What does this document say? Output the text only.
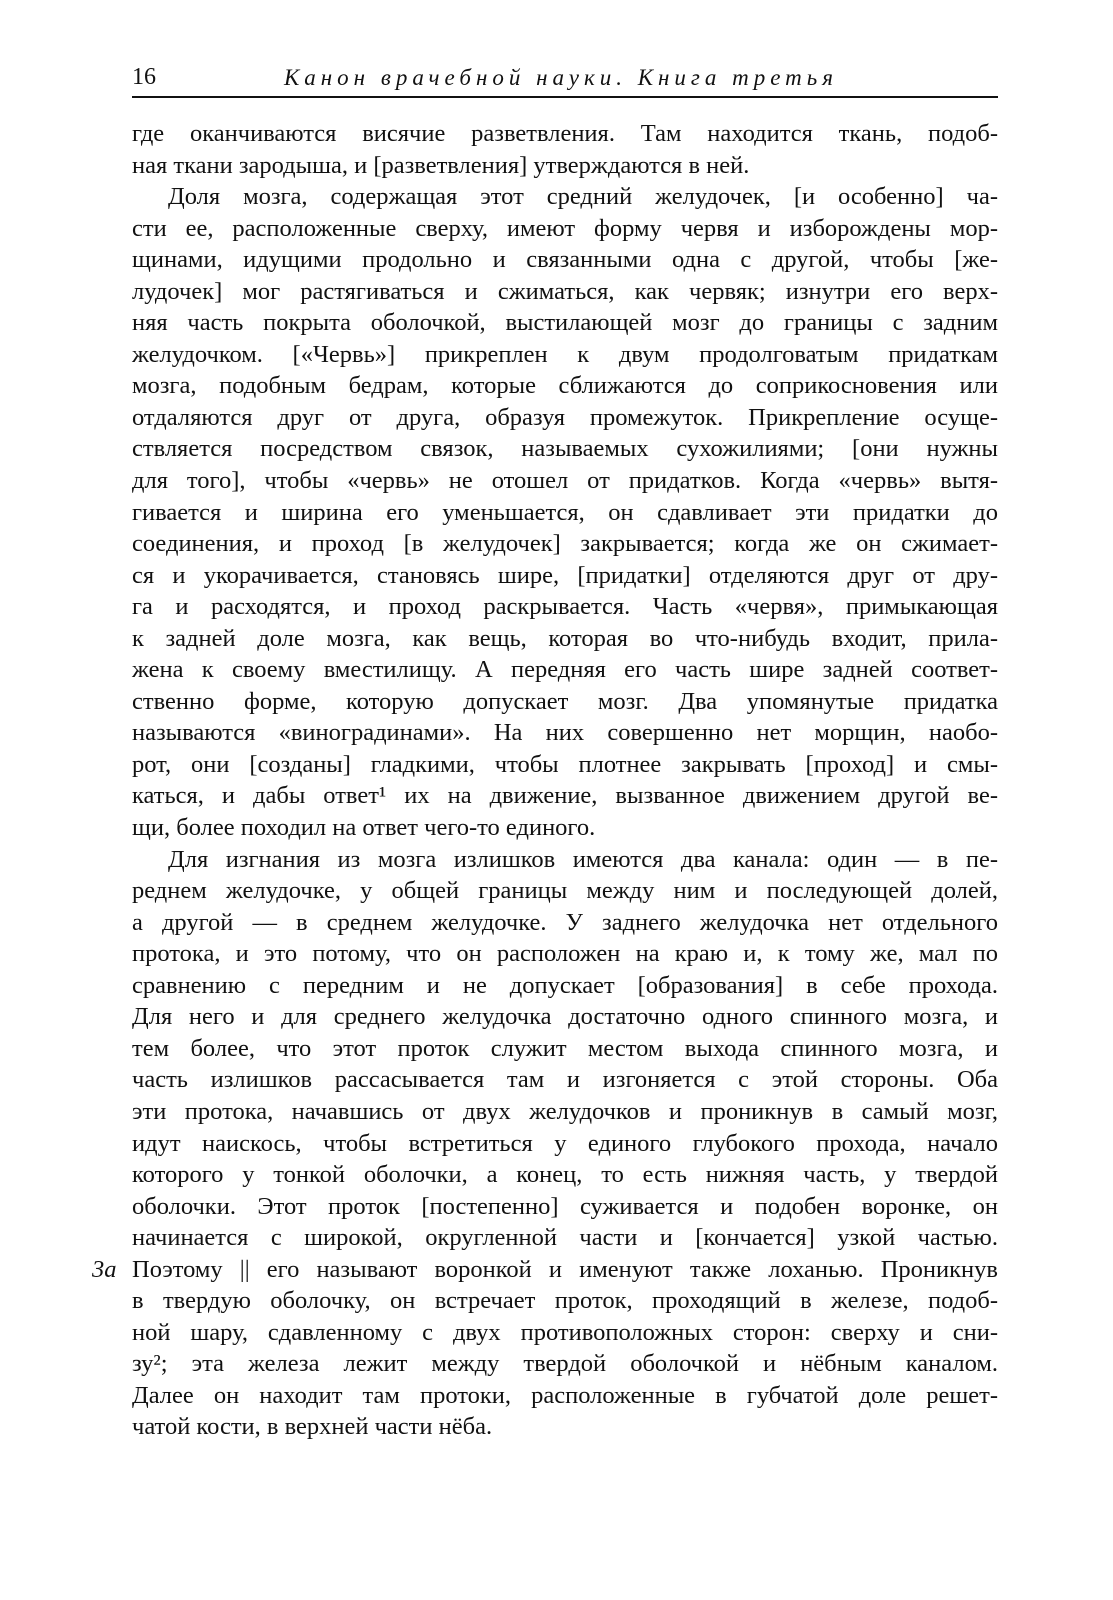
16	Канон врачебной науки. Книга третья
3а
где оканчиваются висячие разветвления. Там находится ткань, подоб-
ная ткани зародыша, и [разветвления] утверждаются в ней.
Доля мозга, содержащая этот средний желудочек, [и особенно] ча-
сти ее, расположенные сверху, имеют форму червя и изборождены мор-
щинами, идущими продольно и связанными одна с другой, чтобы [же-
лудочек] мог растягиваться и сжиматься, как червяк; изнутри его верх-
няя часть покрыта оболочкой, выстилающей мозг до границы с задним
желудочком. [«Червь»] прикреплен к двум продолговатым придаткам
мозга, подобным бедрам, которые сближаются до соприкосновения или
отдаляются друг от друга, образуя промежуток. Прикрепление осуще-
ствляется посредством связок, называемых сухожилиями; [они нужны
для того], чтобы «червь» не отошел от придатков. Когда «червь» вытя-
гивается и ширина его уменьшается, он сдавливает эти придатки до
соединения, и проход [в желудочек] закрывается; когда же он сжимает-
ся и укорачивается, становясь шире, [придатки] отделяются друг от дру-
га и расходятся, и проход раскрывается. Часть «червя», примыкающая
к задней доле мозга, как вещь, которая во что-нибудь входит, прила-
жена к своему вместилищу. А передняя его часть шире задней соответ-
ственно форме, которую допускает мозг. Два упомянутые придатка
называются «виноградинами». На них совершенно нет морщин, наобо-
рот, они [созданы] гладкими, чтобы плотнее закрывать [проход] и смы-
каться, и дабы ответ¹ их на движение, вызванное движением другой ве-
щи, более походил на ответ чего-то единого.
Для изгнания из мозга излишков имеются два канала: один — в пе-
реднем желудочке, у общей границы между ним и последующей долей,
а другой — в среднем желудочке. У заднего желудочка нет отдельного
протока, и это потому, что он расположен на краю и, к тому же, мал по
сравнению с передним и не допускает [образования] в себе прохода.
Для него и для среднего желудочка достаточно одного спинного мозга, и
тем более, что этот проток служит местом выхода спинного мозга, и
часть излишков рассасывается там и изгоняется с этой стороны. Оба
эти протока, начавшись от двух желудочков и проникнув в самый мозг,
идут наискось, чтобы встретиться у единого глубокого прохода, начало
которого у тонкой оболочки, а конец, то есть нижняя часть, у твердой
оболочки. Этот проток [постепенно] суживается и подобен воронке, он
начинается с широкой, округленной части и [кончается] узкой частью.
Поэтому || его называют воронкой и именуют также лоханью. Проникнув
в твердую оболочку, он встречает проток, проходящий в железе, подоб-
ной шару, сдавленному с двух противоположных сторон: сверху и сни-
зу²; эта железа лежит между твердой оболочкой и нёбным каналом.
Далее он находит там протоки, расположенные в губчатой доле решет-
чатой кости, в верхней части нёба.
